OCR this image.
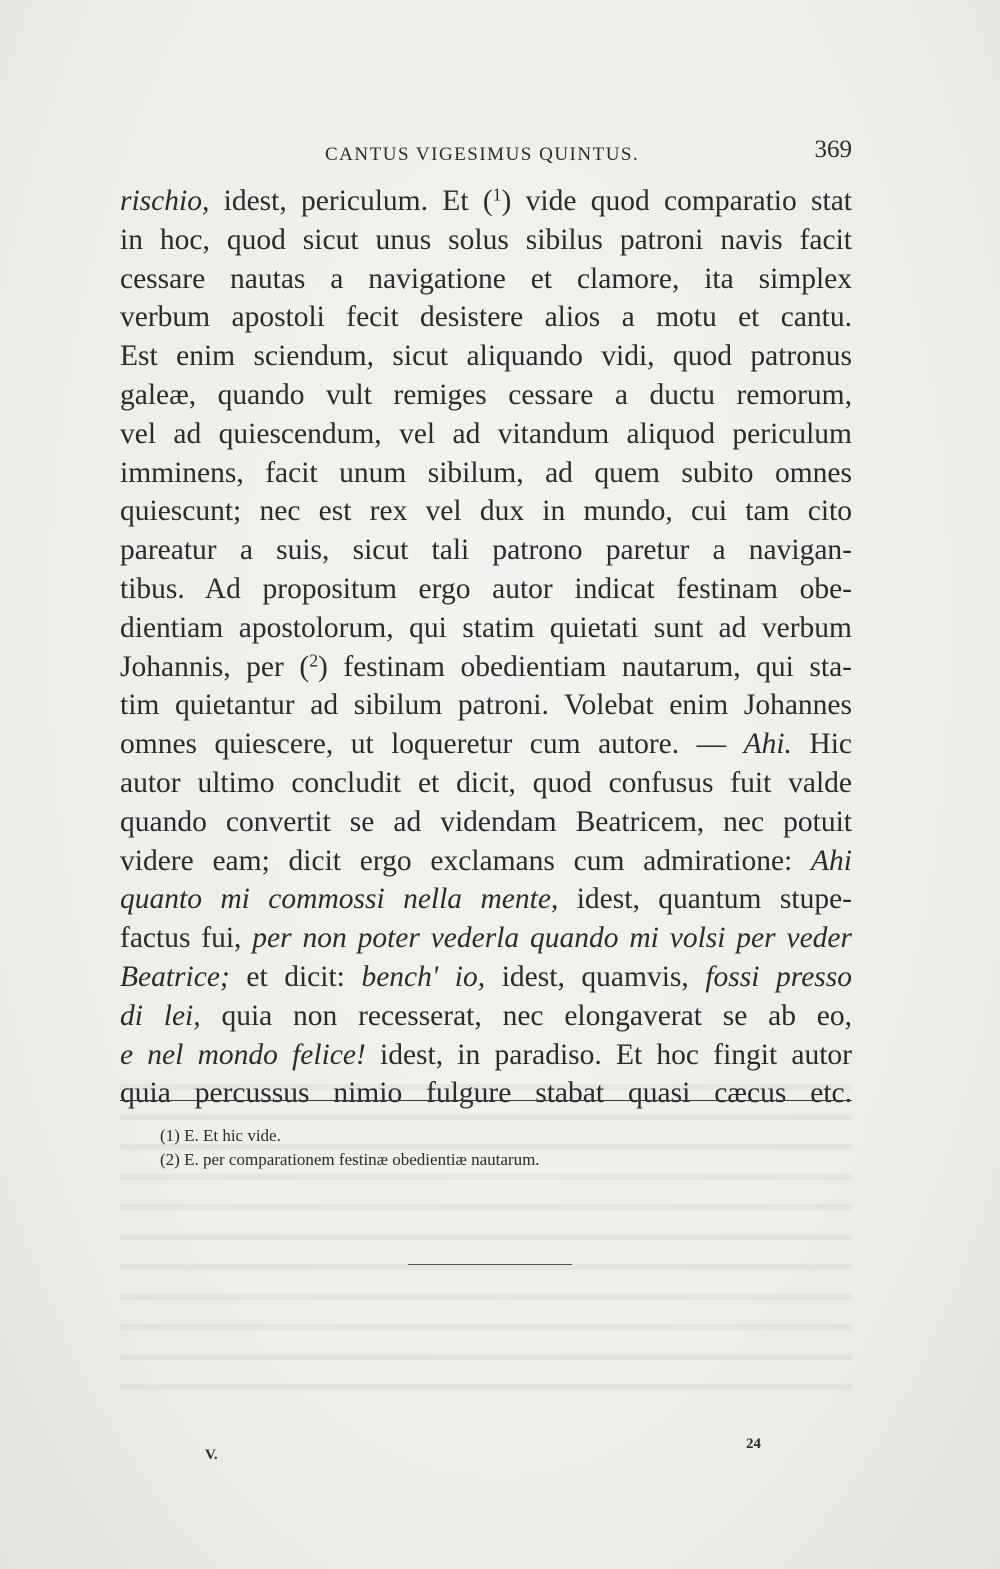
CANTUS VIGESIMUS QUINTUS.	369
rischio, idest, periculum. Et ($^1$) vide quod comparatio stat
in hoc, quod sicut unus solus sibilus patroni navis facit
cessare nautas a navigatione et clamore, ita simplex
verbum apostoli fecit desistere alios a motu et cantu.
Est enim sciendum, sicut aliquando vidi, quod patronus
galeæ, quando vult remiges cessare a ductu remorum,
vel ad quiescendum, vel ad vitandum aliquod periculum
imminens, facit unum sibilum, ad quem subito omnes
quiescunt; nec est rex vel dux in mundo, cui tam cito
pareatur a suis, sicut tali patrono paretur a navigan-
tibus. Ad propositum ergo autor indicat festinam obe-
dientiam apostolorum, qui statim quietati sunt ad verbum
Johannis, per ($^2$) festinam obedientiam nautarum, qui sta-
tim quietantur ad sibilum patroni. Volebat enim Johannes
omnes quiescere, ut loqueretur cum autore. — Ahi. Hic
autor ultimo concludit et dicit, quod confusus fuit valde
quando convertit se ad videndam Beatricem, nec potuit
videre eam; dicit ergo exclamans cum admiratione: Ahi
quanto mi commossi nella mente, idest, quantum stupe-
factus fui, per non poter vederla quando mi volsi per veder
Beatrice; et dicit: bench' io, idest, quamvis, fossi presso
di lei, quia non recesserat, nec elongaverat se ab eo,
e nel mondo felice! idest, in paradiso. Et hoc fingit autor
quia percussus nimio fulgure stabat quasi cæcus etc.
(1) E. Et hic vide.
(2) E. per comparationem festinæ obedientiæ nautarum.
V.
24
